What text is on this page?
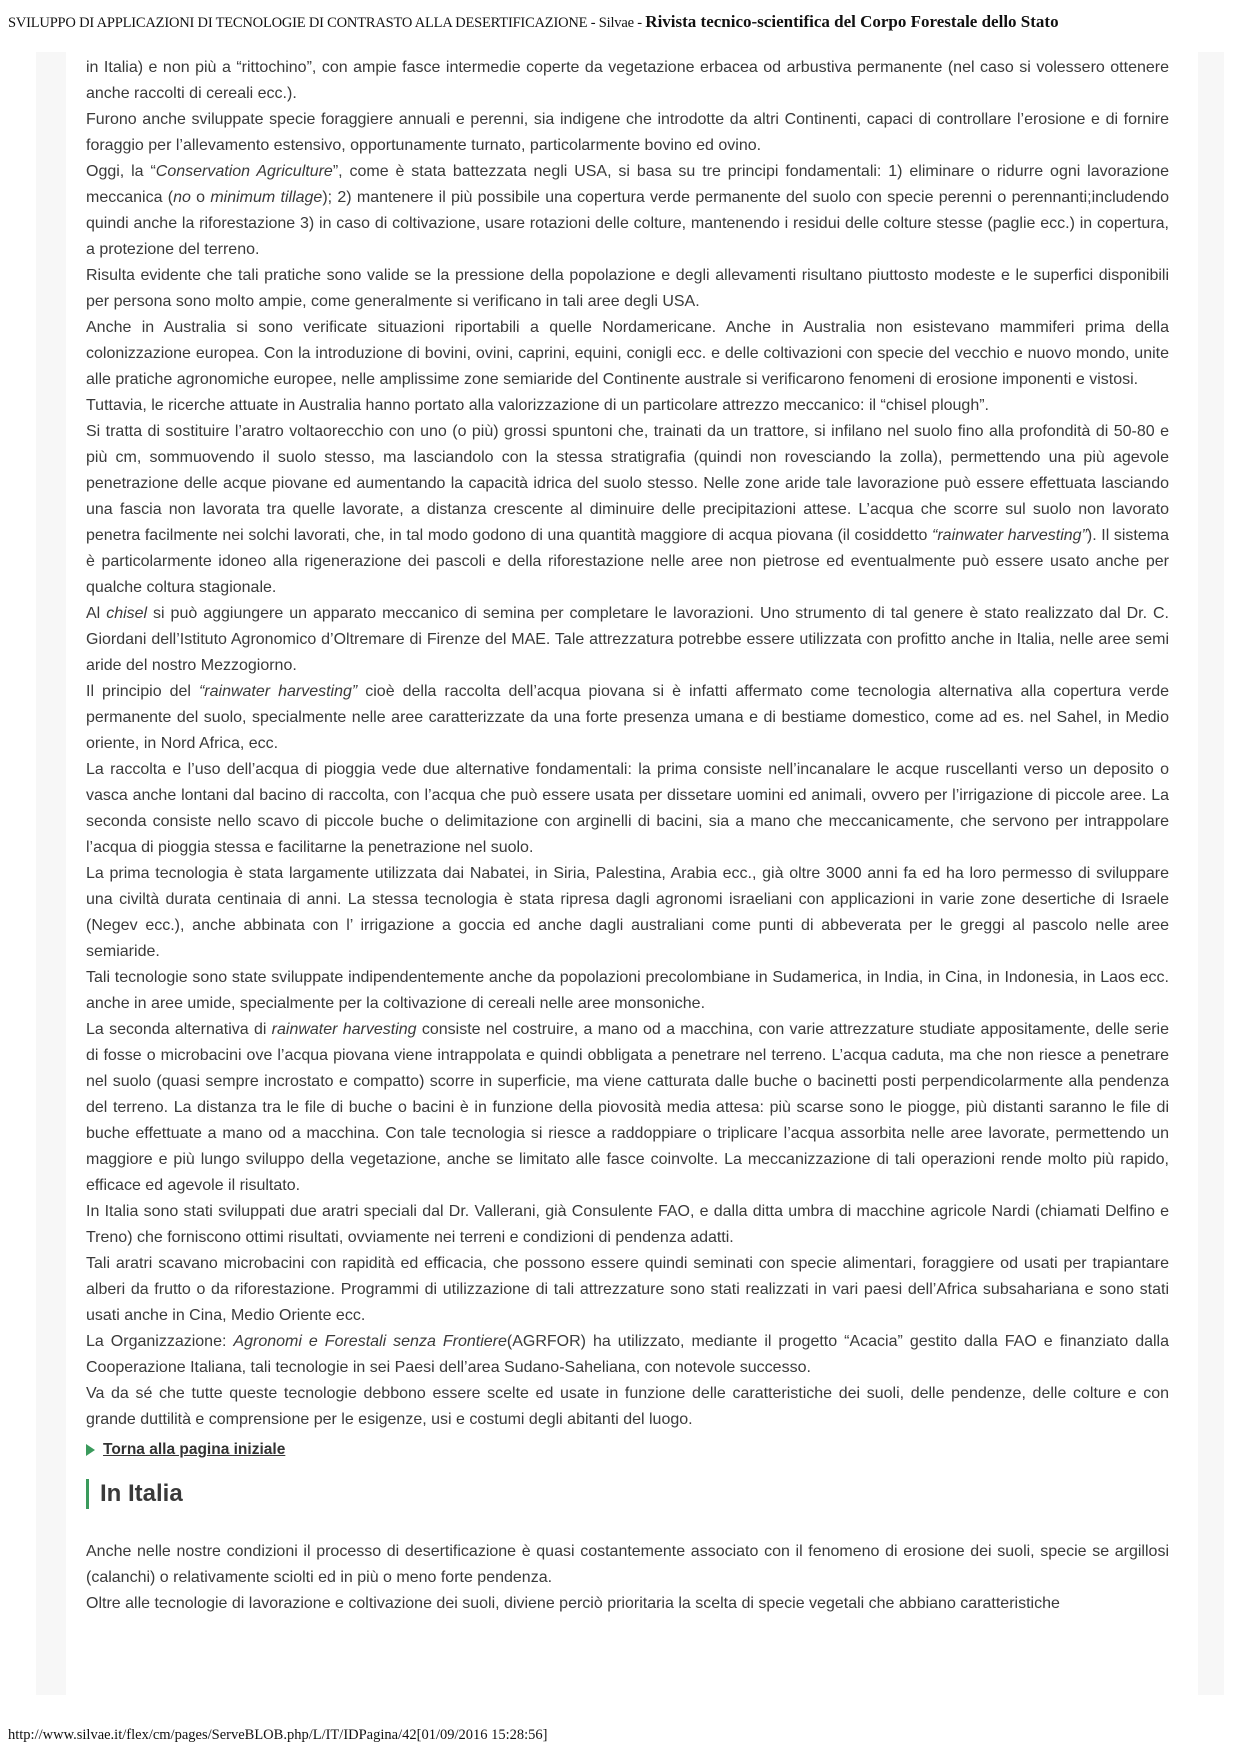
SVILUPPO DI APPLICAZIONI DI TECNOLOGIE DI CONTRASTO ALLA DESERTIFICAZIONE - Silvae - Rivista tecnico-scientifica del Corpo Forestale dello Stato

in Italia) e non più a “rittochino”, con ampie fasce intermedie coperte da vegetazione erbacea od arbustiva permanente (nel caso si volessero ottenere anche raccolti di cereali ecc.).

Furono anche sviluppate specie foraggiere annuali e perenni, sia indigene che introdotte da altri Continenti, capaci di controllare l’erosione e di fornire foraggio per l’allevamento estensivo, opportunamente turnato, particolarmente bovino ed ovino.

Oggi, la “Conservation Agriculture”, come è stata battezzata negli USA, si basa su tre principi fondamentali: 1) eliminare o ridurre ogni lavorazione meccanica (no o minimum tillage); 2) mantenere il più possibile una copertura verde permanente del suolo con specie perenni o perennanti;includendo quindi anche la riforestazione 3) in caso di coltivazione, usare rotazioni delle colture, mantenendo i residui delle colture stesse (paglie ecc.) in copertura, a protezione del terreno.

Risulta evidente che tali pratiche sono valide se la pressione della popolazione e degli allevamenti risultano piuttosto modeste e le superfici disponibili per persona sono molto ampie, come generalmente si verificano in tali aree degli USA.

Anche in Australia si sono verificate situazioni riportabili a quelle Nordamericane. Anche in Australia non esistevano mammiferi prima della colonizzazione europea. Con la introduzione di bovini, ovini, caprini, equini, conigli ecc. e delle coltivazioni con specie del vecchio e nuovo mondo, unite alle pratiche agronomiche europee, nelle amplissime zone semiaride del Continente australe si verificarono fenomeni di erosione imponenti e vistosi.

Tuttavia, le ricerche attuate in Australia hanno portato alla valorizzazione di un particolare attrezzo meccanico: il “chisel plough”.

Si tratta di sostituire l’aratro voltaorecchio con uno (o più) grossi spuntoni che, trainati da un trattore, si infilano nel suolo fino alla profondità di 50-80 e più cm, sommuovendo il suolo stesso, ma lasciandolo con la stessa stratigrafia (quindi non rovesciando la zolla), permettendo una più agevole penetrazione delle acque piovane ed aumentando la capacità idrica del suolo stesso. Nelle zone aride tale lavorazione può essere effettuata lasciando una fascia non lavorata tra quelle lavorate, a distanza crescente al diminuire delle precipitazioni attese. L’acqua che scorre sul suolo non lavorato penetra facilmente nei solchi lavorati, che, in tal modo godono di una quantità maggiore di acqua piovana (il cosiddetto “rainwater harvesting”). Il sistema è particolarmente idoneo alla rigenerazione dei pascoli e della riforestazione nelle aree non pietrose ed eventualmente può essere usato anche per qualche coltura stagionale.

Al chisel si può aggiungere un apparato meccanico di semina per completare le lavorazioni. Uno strumento di tal genere è stato realizzato dal Dr. C. Giordani dell’Istituto Agronomico d’Oltremare di Firenze del MAE. Tale attrezzatura potrebbe essere utilizzata con profitto anche in Italia, nelle aree semi aride del nostro Mezzogiorno.

Il principio del “rainwater harvesting” cioè della raccolta dell’acqua piovana si è infatti affermato come tecnologia alternativa alla copertura verde permanente del suolo, specialmente nelle aree caratterizzate da una forte presenza umana e di bestiame domestico, come ad es. nel Sahel, in Medio oriente, in Nord Africa, ecc.

La raccolta e l’uso dell’acqua di pioggia vede due alternative fondamentali: la prima consiste nell’incanalare le acque ruscellanti verso un deposito o vasca anche lontani dal bacino di raccolta, con l’acqua che può essere usata per dissetare uomini ed animali, ovvero per l’irrigazione di piccole aree. La seconda consiste nello scavo di piccole buche o delimitazione con arginelli di bacini, sia a mano che meccanicamente, che servono per intrappolare l’acqua di pioggia stessa e facilitarne la penetrazione nel suolo.

La prima tecnologia è stata largamente utilizzata dai Nabatei, in Siria, Palestina, Arabia ecc., già oltre 3000 anni fa ed ha loro permesso di sviluppare una civiltà durata centinaia di anni. La stessa tecnologia è stata ripresa dagli agronomi israeliani con applicazioni in varie zone desertiche di Israele (Negev ecc.), anche abbinata con l’ irrigazione a goccia ed anche dagli australiani come punti di abbeverata per le greggi al pascolo nelle aree semiaride.

Tali tecnologie sono state sviluppate indipendentemente anche da popolazioni precolombiane in Sudamerica, in India, in Cina, in Indonesia, in Laos ecc. anche in aree umide, specialmente per la coltivazione di cereali nelle aree monsoniche.

La seconda alternativa di rainwater harvesting consiste nel costruire, a mano od a macchina, con varie attrezzature studiate appositamente, delle serie di fosse o microbacini ove l’acqua piovana viene intrappolata e quindi obbligata a penetrare nel terreno. L’acqua caduta, ma che non riesce a penetrare nel suolo (quasi sempre incrostato e compatto) scorre in superficie, ma viene catturata dalle buche o bacinetti posti perpendicolarmente alla pendenza del terreno. La distanza tra le file di buche o bacini è in funzione della piovosità media attesa: più scarse sono le piogge, più distanti saranno le file di buche effettuate a mano od a macchina. Con tale tecnologia si riesce a raddoppiare o triplicare l’acqua assorbita nelle aree lavorate, permettendo un maggiore e più lungo sviluppo della vegetazione, anche se limitato alle fasce coinvolte. La meccanizzazione di tali operazioni rende molto più rapido, efficace ed agevole il risultato.

In Italia sono stati sviluppati due aratri speciali dal Dr. Vallerani, già Consulente FAO, e dalla ditta umbra di macchine agricole Nardi (chiamati Delfino e Treno) che forniscono ottimi risultati, ovviamente nei terreni e condizioni di pendenza adatti.

Tali aratri scavano microbacini con rapidità ed efficacia, che possono essere quindi seminati con specie alimentari, foraggiere od usati per trapiantare alberi da frutto o da riforestazione. Programmi di utilizzazione di tali attrezzature sono stati realizzati in vari paesi dell’Africa subsahariana e sono stati usati anche in Cina, Medio Oriente ecc.

La Organizzazione: Agronomi e Forestali senza Frontiere(AGRFOR) ha utilizzato, mediante il progetto “Acacia” gestito dalla FAO e finanziato dalla Cooperazione Italiana, tali tecnologie in sei Paesi dell’area Sudano-Saheliana, con notevole successo.

Va da sé che tutte queste tecnologie debbono essere scelte ed usate in funzione delle caratteristiche dei suoli, delle pendenze, delle colture e con grande duttilità e comprensione per le esigenze, usi e costumi degli abitanti del luogo.

Torna alla pagina iniziale
In Italia

Anche nelle nostre condizioni il processo di desertificazione è quasi costantemente associato con il fenomeno di erosione dei suoli, specie se argillosi (calanchi) o relativamente sciolti ed in più o meno forte pendenza.

Oltre alle tecnologie di lavorazione e coltivazione dei suoli, diviene perciò prioritaria la scelta di specie vegetali che abbiano caratteristiche

http://www.silvae.it/flex/cm/pages/ServeBLOB.php/L/IT/IDPagina/42[01/09/2016 15:28:56]
